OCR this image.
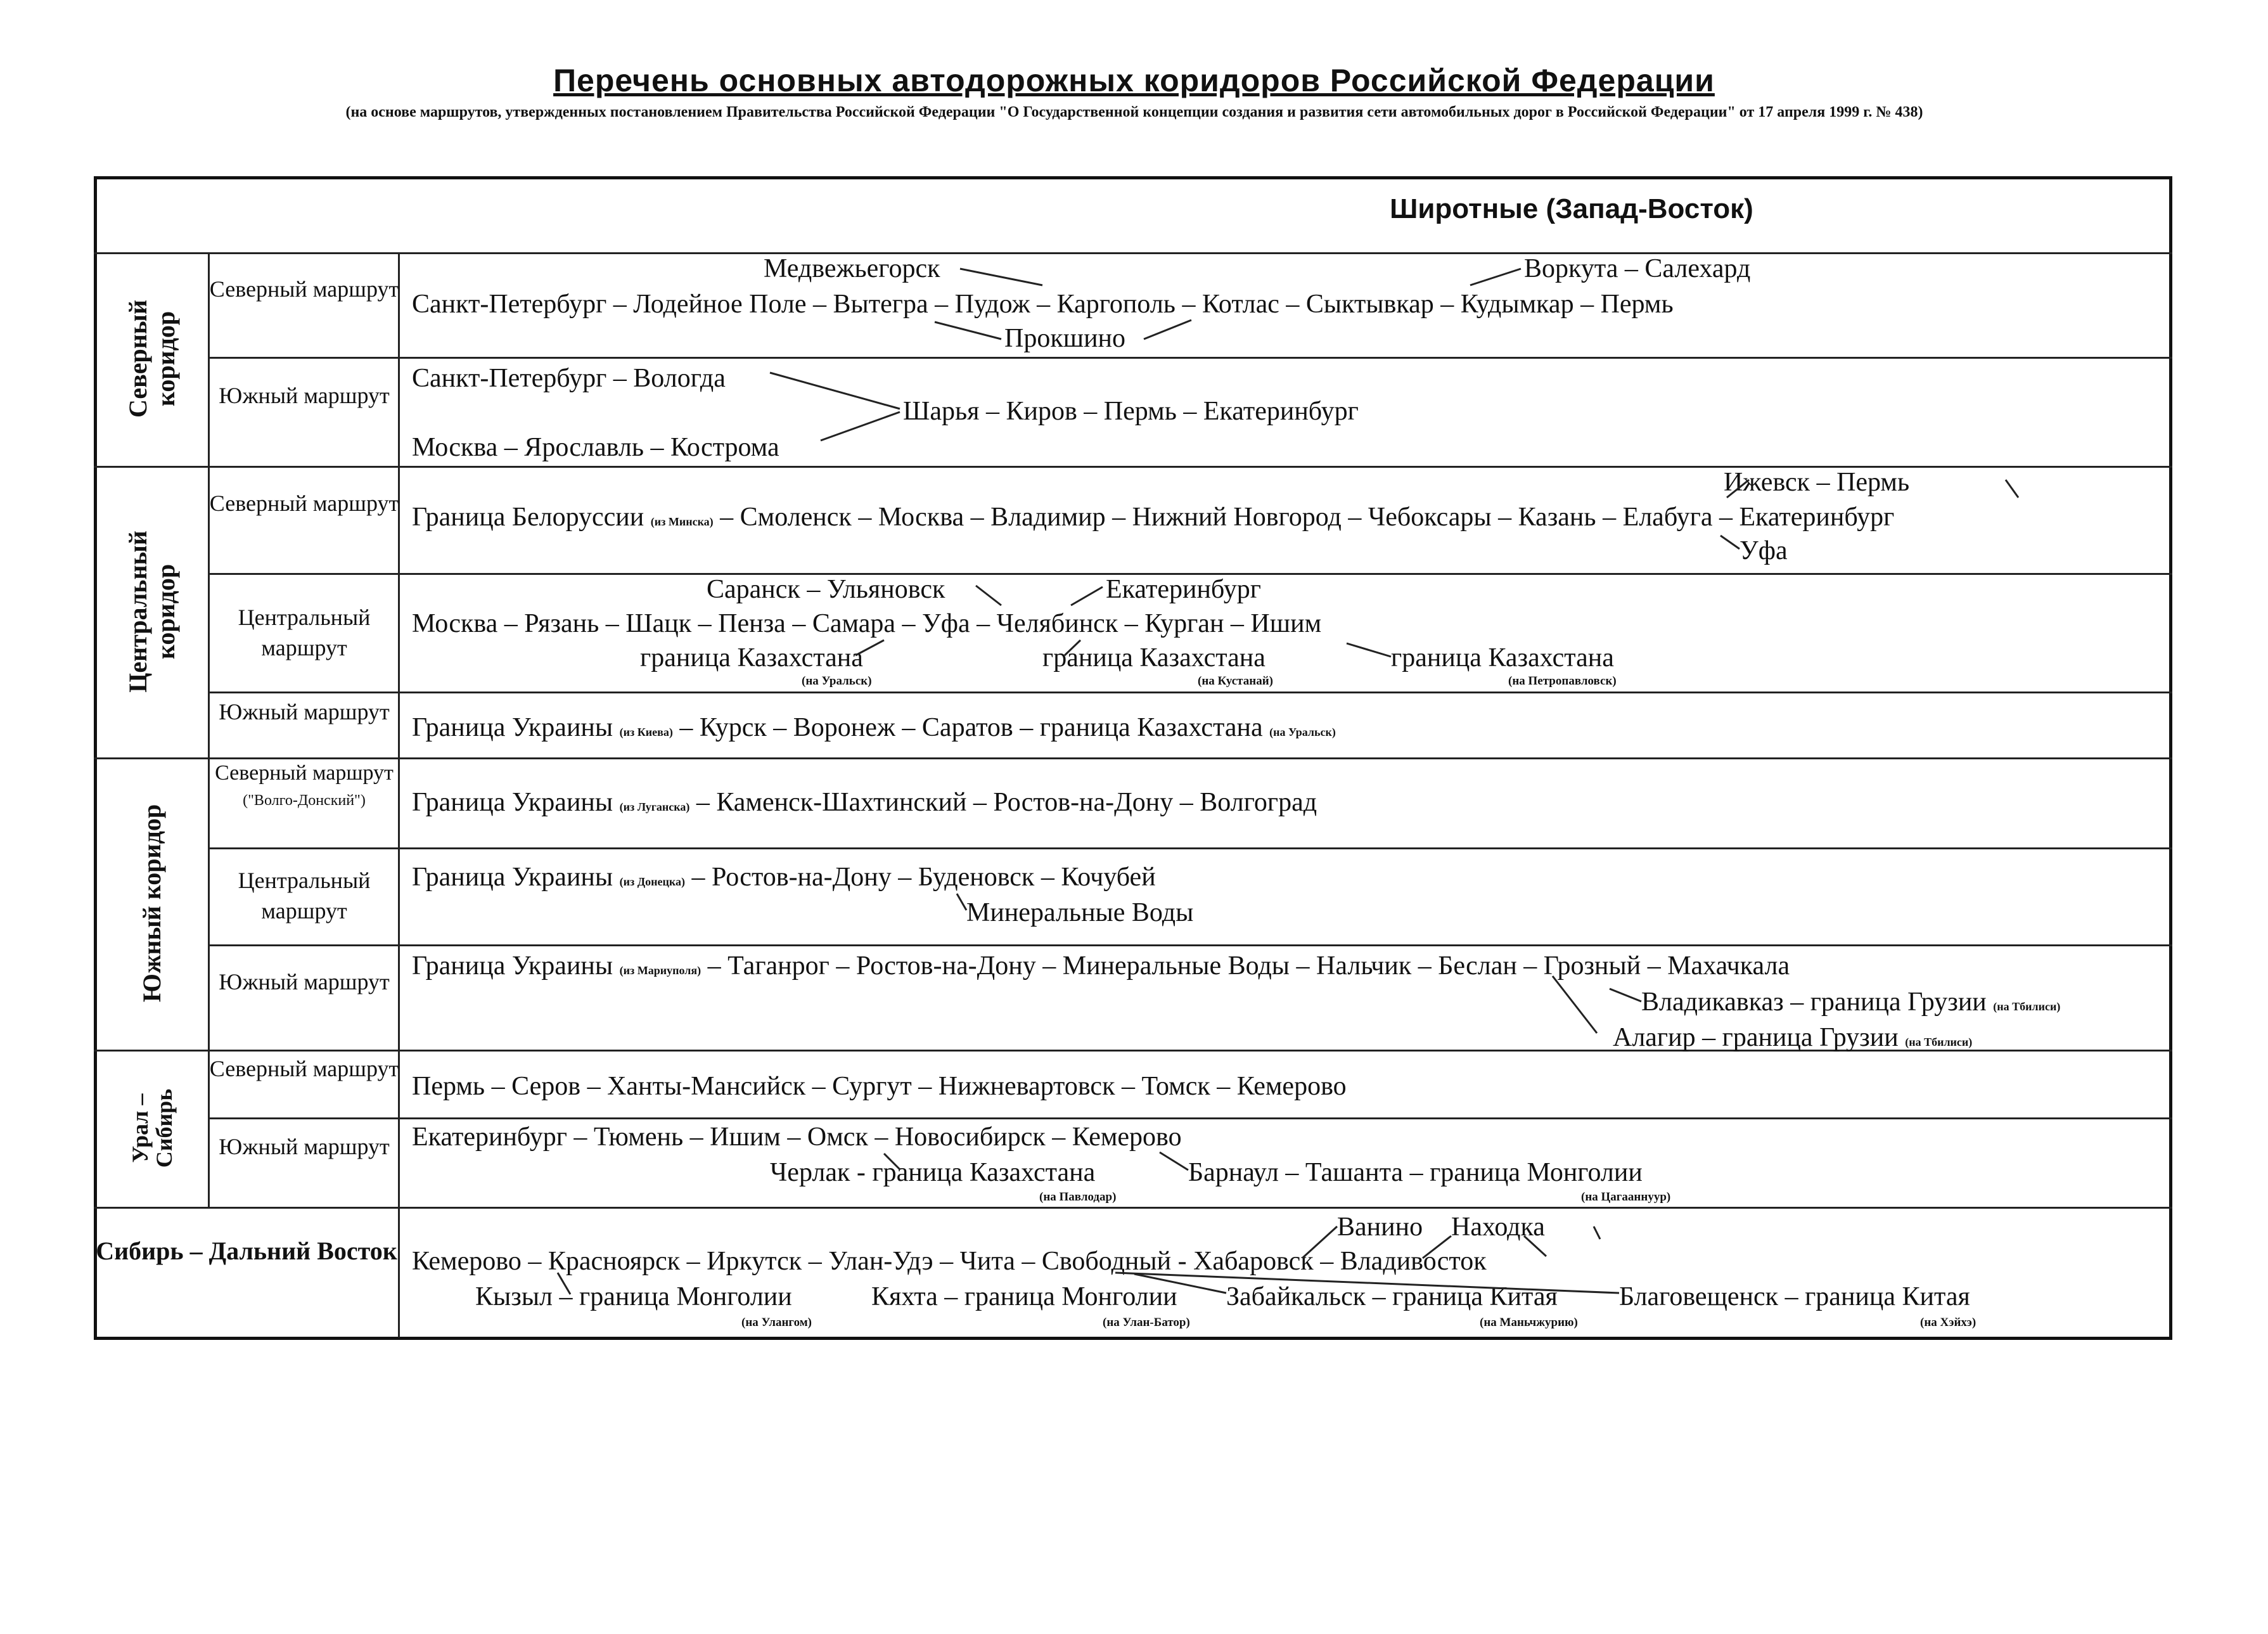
Перечень основных автодорожных коридоров Российской Федерации
(на основе маршрутов, утвержденных постановлением Правительства Российской Федерации "О Государственной концепции создания и развития сети автомобильных дорог в Российской Федерации" от 17 апреля 1999 г. № 438)
Широтные (Запад-Восток)
Северный коридор
Центральный коридор
Южный коридор
Урал – Сибирь
Сибирь – Дальний Восток
Северный маршрут
Южный маршрут
Северный маршрут
Центральный маршрут
Южный маршрут
Северный маршрут
("Волго-Донский")
Центральный маршрут
Южный маршрут
Северный маршрут
Южный маршрут
Медвежьегорск	Воркута – Салехард
Санкт-Петербург – Лодейное Поле – Вытегра – Пудож – Каргополь – Котлас – Сыктывкар – Кудымкар – Пермь
Прокшино
Санкт-Петербург – Вологда
Шарья – Киров – Пермь – Екатеринбург
Москва – Ярославль – Кострома
Ижевск – Пермь
Граница Белоруссии (из Минска) – Смоленск – Москва – Владимир – Нижний Новгород – Чебоксары – Казань – Елабуга – Екатеринбург
Уфа
Саранск – Ульяновск	Екатеринбург
Москва – Рязань – Шацк – Пенза – Самара – Уфа – Челябинск – Курган – Ишим
граница Казахстана
(на Уральск)
граница Казахстана
(на Кустанай)
граница Казахстана
(на Петропавловск)
Граница Украины (из Киева) – Курск – Воронеж – Саратов – граница Казахстана (на Уральск)
Граница Украины (из Луганска) – Каменск-Шахтинский – Ростов-на-Дону – Волгоград
Граница Украины (из Донецка) – Ростов-на-Дону – Буденовск – Кочубей
Минеральные Воды
Граница Украины (из Мариуполя) – Таганрог – Ростов-на-Дону – Минеральные Воды – Нальчик – Беслан – Грозный – Махачкала
Владикавказ – граница Грузии (на Тбилиси)
Алагир – граница Грузии (на Тбилиси)
Пермь – Серов – Ханты-Мансийск – Сургут – Нижневартовск – Томск – Кемерово
Екатеринбург – Тюмень – Ишим – Омск – Новосибирск – Кемерово
Черлак - граница Казахстана
(на Павлодар)
Барнаул – Ташанта – граница Монголии
(на Цагааннуур)
Ванино Находка
Кемерово – Красноярск – Иркутск – Улан-Удэ – Чита – Свободный - Хабаровск – Владивосток
Кызыл – граница Монголии
(на Улангом)
Кяхта – граница Монголии
(на Улан-Батор)
Забайкальск – граница Китая
(на Маньчжурию)
Благовещенск – граница Китая
(на Хэйхэ)
